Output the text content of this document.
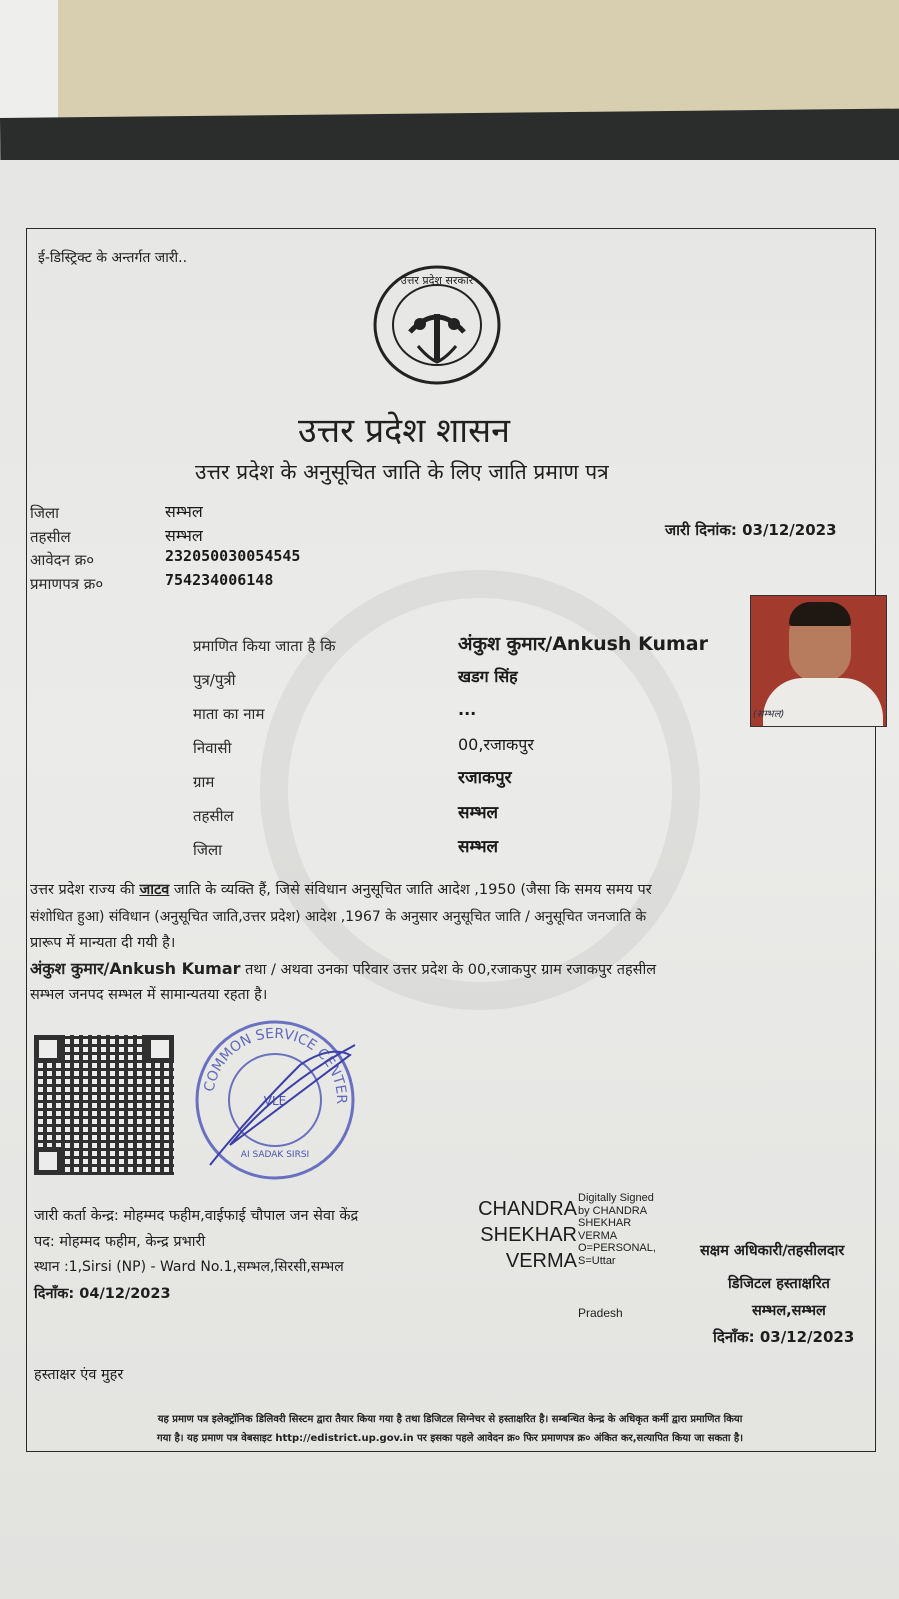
ई-डिस्ट्रिक्ट के अन्तर्गत जारी..
उत्तर प्रदेश सरकार
उत्तर प्रदेश शासन
उत्तर प्रदेश के अनुसूचित जाति के लिए जाति प्रमाण पत्र
जिला	सम्भल
तहसील	सम्भल
आवेदन क्र०	232050030054545
प्रमाणपत्र क्र०	754234006148
जारी दिनांक: 03/12/2023
(सम्भल)
प्रमाणित किया जाता है कि	अंकुश कुमार/Ankush Kumar
पुत्र/पुत्री	खडग सिंह
माता का नाम	...
निवासी	00,रजाकपुर
ग्राम	रजाकपुर
तहसील	सम्भल
जिला	सम्भल
उत्तर प्रदेश राज्य की जाटव जाति के व्यक्ति हैं, जिसे संविधान अनुसूचित जाति आदेश ,1950 (जैसा कि समय समय पर
संशोधित हुआ) संविधान (अनुसूचित जाति,उत्तर प्रदेश) आदेश ,1967 के अनुसार अनुसूचित जाति / अनुसूचित जनजाति के
प्रारूप में मान्यता दी गयी है।
अंकुश कुमार/Ankush Kumar तथा / अथवा उनका परिवार उत्तर प्रदेश के 00,रजाकपुर ग्राम रजाकपुर तहसील
सम्भल जनपद सम्भल में सामान्यतया रहता है।
COMMON SERVICE CENTER
VLE
AI SADAK SIRSI
जारी कर्ता केन्द्र: मोहम्मद फहीम,वाईफाई चौपाल जन सेवा केंद्र
पद: मोहम्मद फहीम, केन्द्र प्रभारी
स्थान :1,Sirsi (NP) - Ward No.1,सम्भल,सिरसी,सम्भल
दिनाँक: 04/12/2023
CHANDRA
SHEKHAR
VERMA
Digitally Signed
by CHANDRA
SHEKHAR
VERMA
O=PERSONAL,
S=Uttar
Pradesh
सक्षम अधिकारी/तहसीलदार
डिजिटल हस्ताक्षरित
सम्भल,सम्भल
दिनाँक: 03/12/2023
हस्ताक्षर एंव मुहर
यह प्रमाण पत्र इलेक्ट्रॉनिक डिलिवरी सिस्टम द्वारा तैयार किया गया है तथा डिजिटल सिग्नेचर से हस्ताक्षरित है। सम्बन्धित केन्द्र के अधिकृत कर्मी द्वारा प्रमाणित किया
गया है। यह प्रमाण पत्र वेबसाइट http://edistrict.up.gov.in पर इसका पहले आवेदन क्र० फिर प्रमाणपत्र क्र० अंकित कर,सत्यापित किया जा सकता है।
